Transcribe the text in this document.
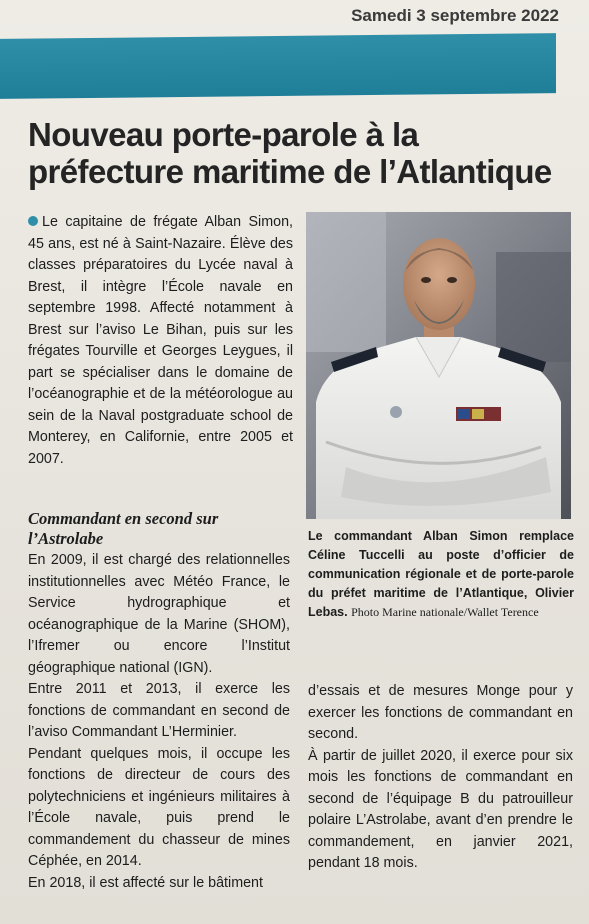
Samedi 3 septembre 2022
Nouveau porte-parole à la préfecture maritime de l’Atlantique

Le capitaine de frégate Alban Simon, 45 ans, est né à Saint-Nazaire. Élève des classes préparatoires du Lycée naval à Brest, il intègre l’École navale en septembre 1998. Affecté notamment à Brest sur l’aviso Le Bihan, puis sur les frégates Tourville et Georges Leygues, il part se spécialiser dans le domaine de l’océanographie et de la météorologue au sein de la Naval postgraduate school de Monterey, en Californie, entre 2005 et 2007.

Le commandant Alban Simon remplace Céline Tuccelli au poste d’officier de communication régionale et de porte-parole du préfet maritime de l’Atlantique, Olivier Lebas. Photo Marine nationale/Wallet Terence

Commandant en second sur l’Astrolabe

En 2009, il est chargé des relationnelles institutionnelles avec Météo France, le Service hydrographique et océanographique de la Marine (SHOM), l’Ifremer ou encore l’Institut géographique national (IGN).

Entre 2011 et 2013, il exerce les fonctions de commandant en second de l’aviso Commandant L’Herminier.

Pendant quelques mois, il occupe les fonctions de directeur de cours des polytechniciens et ingénieurs militaires à l’École navale, puis prend le commandement du chasseur de mines Céphée, en 2014.

En 2018, il est affecté sur le bâtiment

d’essais et de mesures Monge pour y exercer les fonctions de commandant en second.

À partir de juillet 2020, il exerce pour six mois les fonctions de commandant en second de l’équipage B du patrouilleur polaire L’Astrolabe, avant d’en prendre le commandement, en janvier 2021, pendant 18 mois.
